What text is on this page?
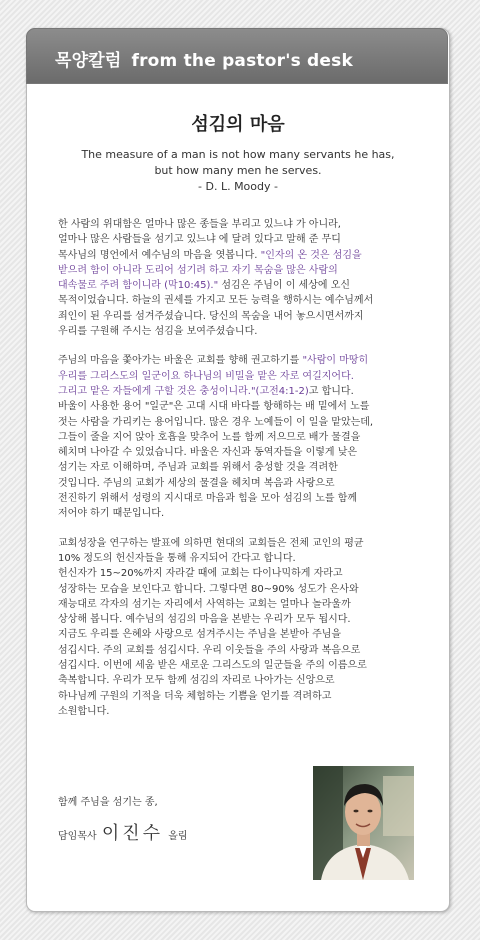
섬김의 마음
The measure of a man is not how many servants he has,
but how many men he serves.
- D. L. Moody -

한 사람의 위대함은 얼마나 많은 종들을 부리고 있느냐 가 아니라,
얼마나 많은 사람들을 섬기고 있느냐 에 달려 있다고 말해 준 무디
목사님의 명언에서 예수님의 마음을 엿봅니다. "인자의 온 것은 섬김을
받으려 함이 아니라 도리어 섬기려 하고 자기 목숨을 많은 사람의
대속물로 주려 함이니라 (막10:45)." 섬김은 주님이 이 세상에 오신
목적이었습니다. 하늘의 권세를 가지고 모든 능력을 행하시는 예수님께서
죄인이 된 우리를 섬겨주셨습니다. 당신의 목숨을 내어 놓으시면서까지
우리를 구원해 주시는 섬김을 보여주셨습니다.

주님의 마음을 쫓아가는 바울은 교회를 향해 권고하기를 "사람이 마땅히
우리를 그리스도의 일군이요 하나님의 비밀을 맡은 자로 여길지어다.
그리고 맡은 자들에게 구할 것은 충성이니라."(고전4:1-2)고 합니다.
바울이 사용한 용어 "일군"은 고대 시대 바다를 항해하는 배 밑에서 노를
젓는 사람을 가리키는 용어입니다. 많은 경우 노예들이 이 일을 맡았는데,
그들이 줄을 지어 앉아 호흡을 맞추어 노를 함께 저으므로 배가 물결을
헤치며 나아갈 수 있었습니다. 바울은 자신과 동역자들을 이렇게 낮은
섬기는 자로 이해하며, 주님과 교회를 위해서 충성할 것을 격려한
것입니다. 주님의 교회가 세상의 물결을 헤치며 복음과 사랑으로
전진하기 위해서 성령의 지시대로 마음과 힘을 모아 섬김의 노를 함께
저어야 하기 때문입니다.

교회성장을 연구하는 발표에 의하면 현대의 교회들은 전체 교인의 평균
10% 정도의 헌신자들을 통해 유지되어 간다고 합니다.
헌신자가 15~20%까지 자라갈 때에 교회는 다이나믹하게 자라고
성장하는 모습을 보인다고 합니다. 그렇다면 80~90% 성도가 은사와
재능대로 각자의 섬기는 자리에서 사역하는 교회는 얼마나 놀라울까
상상해 봅니다. 예수님의 섬김의 마음을 본받는 우리가 모두 됩시다.
지금도 우리를 은혜와 사랑으로 섬겨주시는 주님을 본받아 주님을
섬깁시다. 주의 교회를 섬깁시다. 우리 이웃들을 주의 사랑과 복음으로
섬깁시다. 이번에 세움 받은 새로운 그리스도의 일군들을 주의 이름으로
축복합니다. 우리가 모두 함께 섬김의 자리로 나아가는 신앙으로
하나님께 구원의 기적을 더욱 체험하는 기쁨을 얻기를 격려하고
소원합니다.

함께 주님을 섬기는 종,
담임목사 이진수 올림
목양칼럼 from the pastor's desk
